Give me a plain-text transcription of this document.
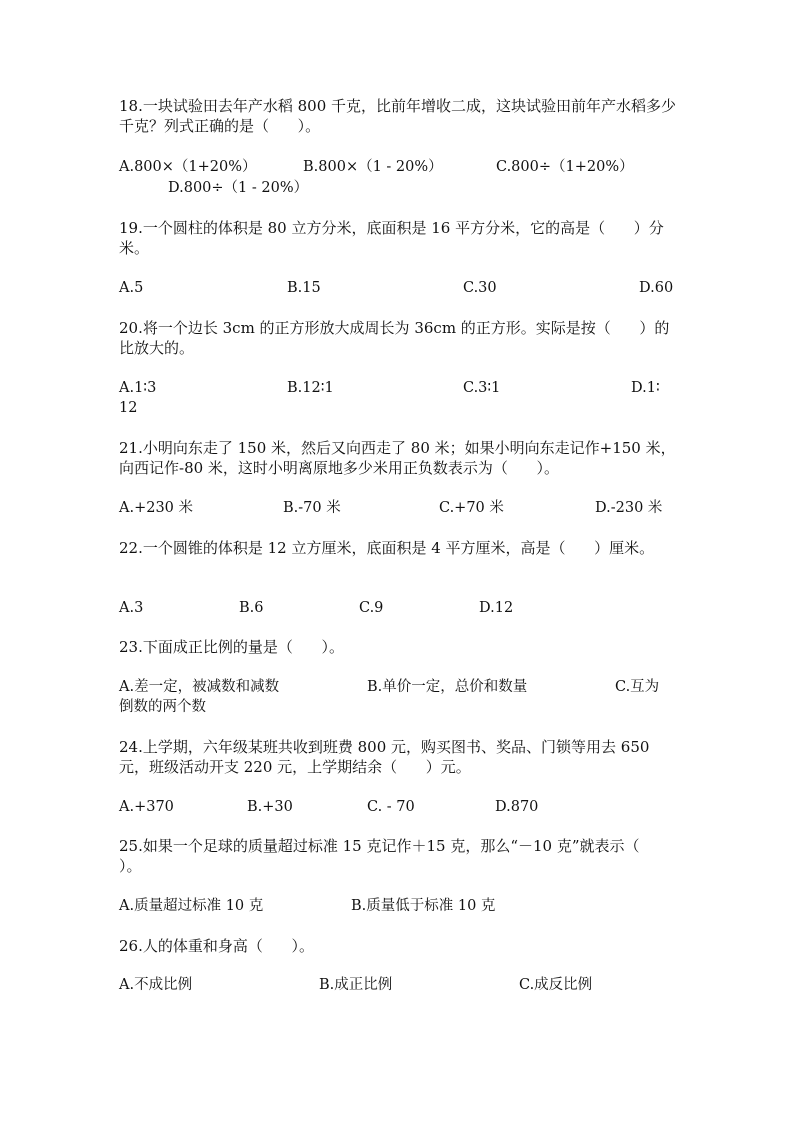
18.一块试验田去年产水稻 800 千克，比前年增收二成，这块试验田前年产水稻多少千克？列式正确的是（      ）。
A.800×（1+20%）	B.800×（1 - 20%）	C.800÷（1+20%）
D.800÷（1 - 20%）
19.一个圆柱的体积是 80 立方分米，底面积是 16 平方分米，它的高是（      ）分米。
A.5	B.15	C.30	D.60
20.将一个边长 3cm 的正方形放大成周长为 36cm 的正方形。实际是按（      ）的比放大的。
A.1∶3	B.12∶1	C.3∶1	D.1∶
12
21.小明向东走了 150 米，然后又向西走了 80 米；如果小明向东走记作+150 米，向西记作-80 米，这时小明离原地多少米用正负数表示为（      ）。
A.+230 米	B.-70 米	C.+70 米	D.-230 米
22.一个圆锥的体积是 12 立方厘米，底面积是 4 平方厘米，高是（      ）厘米。
A.3	B.6	C.9	D.12
23.下面成正比例的量是（      ）。
A.差一定，被减数和减数	B.单价一定，总价和数量	C.互为
倒数的两个数
24.上学期，六年级某班共收到班费 800 元，购买图书、奖品、门锁等用去 650 元，班级活动开支 220 元，上学期结余（      ）元。
A.+370	B.+30	C. - 70	D.870
25.如果一个足球的质量超过标准 15 克记作＋15 克，那么“－10 克”就表示（      ）。
A.质量超过标准 10 克	B.质量低于标准 10 克
26.人的体重和身高（      ）。
A.不成比例	B.成正比例	C.成反比例
